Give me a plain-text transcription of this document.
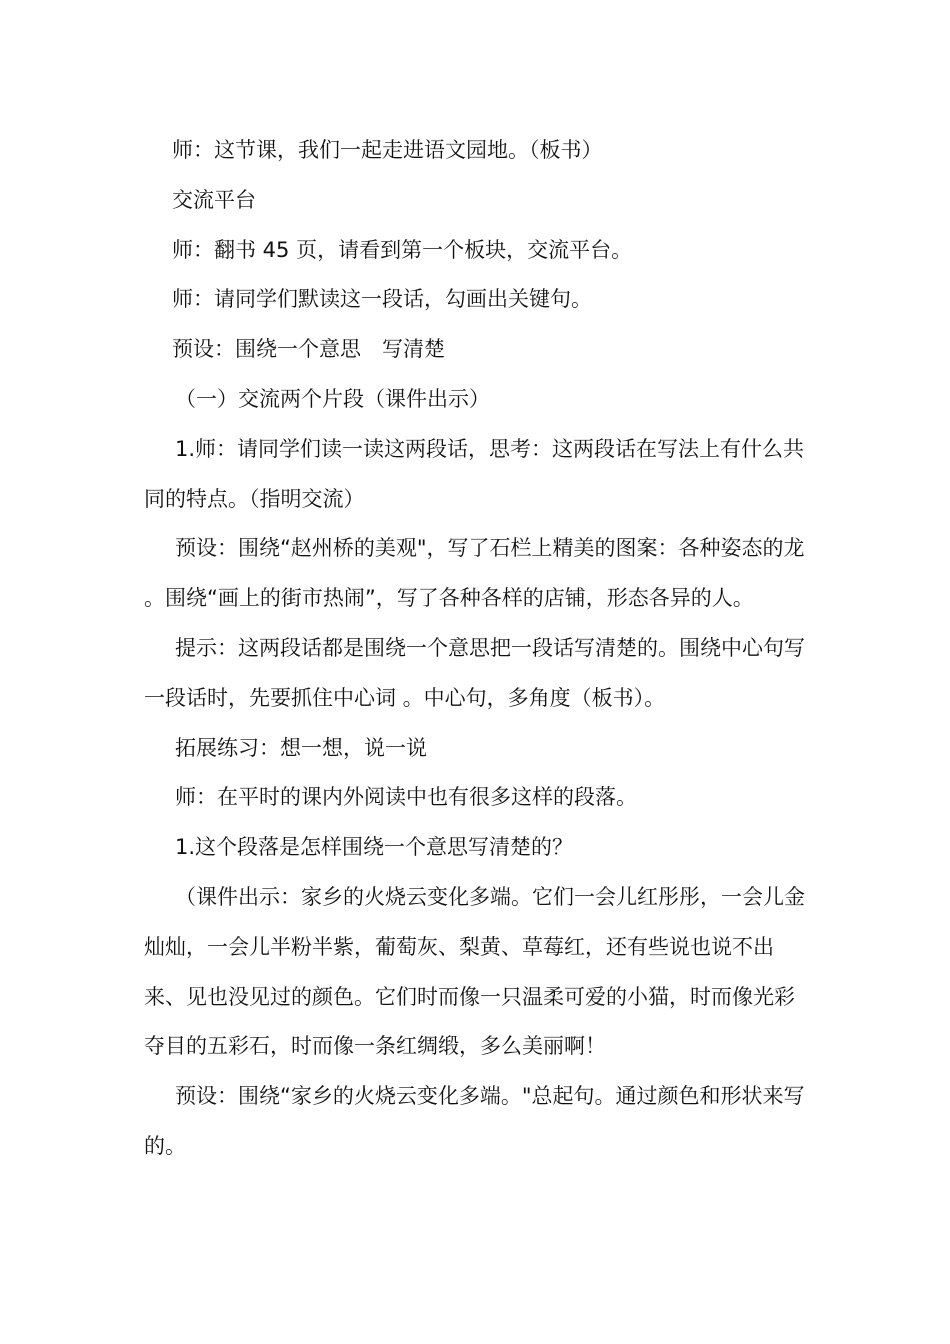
师：这节课，我们一起走进语文园地。（板书）

交流平台

师：翻书 45 页，请看到第一个板块，交流平台。

师：请同学们默读这一段话，勾画出关键句。

预设：围绕一个意思　写清楚

（一）交流两个片段（课件出示）

1.师：请同学们读一读这两段话，思考：这两段话在写法上有什么共同的特点。（指明交流）

预设：围绕“赵州桥的美观"，写了石栏上精美的图案：各种姿态的龙 。围绕“画上的街市热闹”，写了各种各样的店铺，形态各异的人。

提示：这两段话都是围绕一个意思把一段话写清楚的。围绕中心句写一段话时，先要抓住中心词 。中心句，多角度（板书）。

拓展练习：想一想，说一说

师：在平时的课内外阅读中也有很多这样的段落。

1.这个段落是怎样围绕一个意思写清楚的？

（课件出示：家乡的火烧云变化多端。它们一会儿红彤彤，一会儿金灿灿，一会儿半粉半紫，葡萄灰、梨黄、草莓红，还有些说也说不出来、见也没见过的颜色。它们时而像一只温柔可爱的小猫，时而像光彩夺目的五彩石，时而像一条红绸缎，多么美丽啊！

预设：围绕“家乡的火烧云变化多端。"总起句。通过颜色和形状来写的。
